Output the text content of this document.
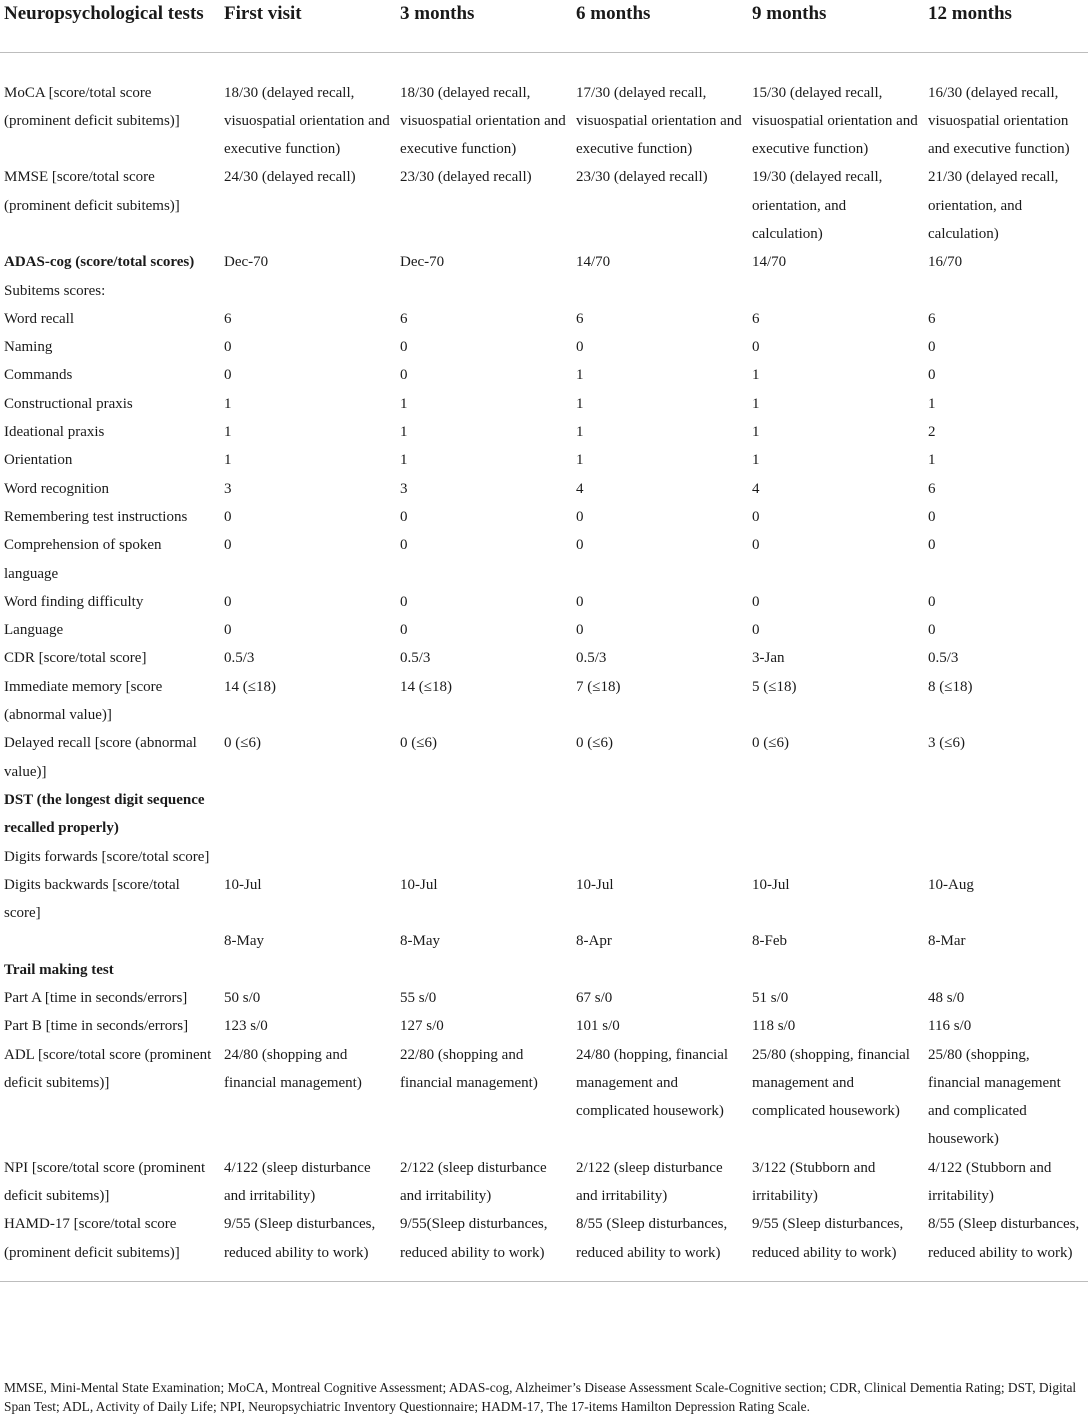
Neuropsychological tests	First visit	3 months	6 months	9 months	12 months
MoCA [score/total score (prominent deficit subitems)]	18/30 (delayed recall, visuospatial orientation and executive function)	18/30 (delayed recall, visuospatial orientation and executive function)	17/30 (delayed recall, visuospatial orientation and executive function)	15/30 (delayed recall, visuospatial orientation and executive function)	16/30 (delayed recall, visuospatial orientation and executive function)
MMSE [score/total score (prominent deficit subitems)]	24/30 (delayed recall)	23/30 (delayed recall)	23/30 (delayed recall)	19/30 (delayed recall, orientation, and calculation)	21/30 (delayed recall, orientation, and calculation)
ADAS-cog (score/total scores)	Dec-70	Dec-70	14/70	14/70	16/70
Subitems scores:					
Word recall	6	6	6	6	6
Naming	0	0	0	0	0
Commands	0	0	1	1	0
Constructional praxis	1	1	1	1	1
Ideational praxis	1	1	1	1	2
Orientation	1	1	1	1	1
Word recognition	3	3	4	4	6
Remembering test instructions	0	0	0	0	0
Comprehension of spoken language	0	0	0	0	0
Word finding difficulty	0	0	0	0	0
Language	0	0	0	0	0
CDR [score/total score]	0.5/3	0.5/3	0.5/3	3-Jan	0.5/3
Immediate memory [score (abnormal value)]	14 (≤18)	14 (≤18)	7 (≤18)	5 (≤18)	8 (≤18)
Delayed recall [score (abnormal value)]	0 (≤6)	0 (≤6)	0 (≤6)	0 (≤6)	3 (≤6)
DST (the longest digit sequence recalled properly)					
Digits forwards [score/total score]					
Digits backwards [score/total score]	10-Jul	10-Jul	10-Jul	10-Jul	10-Aug
	8-May	8-May	8-Apr	8-Feb	8-Mar
Trail making test					
Part A [time in seconds/errors]	50 s/0	55 s/0	67 s/0	51 s/0	48 s/0
Part B [time in seconds/errors]	123 s/0	127 s/0	101 s/0	118 s/0	116 s/0
ADL [score/total score (prominent deficit subitems)]	24/80 (shopping and financial management)	22/80 (shopping and financial management)	24/80 (hopping, financial management and complicated housework)	25/80 (shopping, financial management and complicated housework)	25/80 (shopping, financial management and complicated housework)
NPI [score/total score (prominent deficit subitems)]	4/122 (sleep disturbance and irritability)	2/122 (sleep disturbance and irritability)	2/122 (sleep disturbance and irritability)	3/122 (Stubborn and irritability)	4/122 (Stubborn and irritability)
HAMD-17 [score/total score (prominent deficit subitems)]	9/55 (Sleep disturbances, reduced ability to work)	9/55(Sleep disturbances, reduced ability to work)	8/55 (Sleep disturbances, reduced ability to work)	9/55 (Sleep disturbances, reduced ability to work)	8/55 (Sleep disturbances, reduced ability to work)
MMSE, Mini-Mental State Examination; MoCA, Montreal Cognitive Assessment; ADAS-cog, Alzheimer’s Disease Assessment Scale-Cognitive section; CDR, Clinical Dementia Rating; DST, Digital Span Test; ADL, Activity of Daily Life; NPI, Neuropsychiatric Inventory Questionnaire; HADM-17, The 17-items Hamilton Depression Rating Scale.
